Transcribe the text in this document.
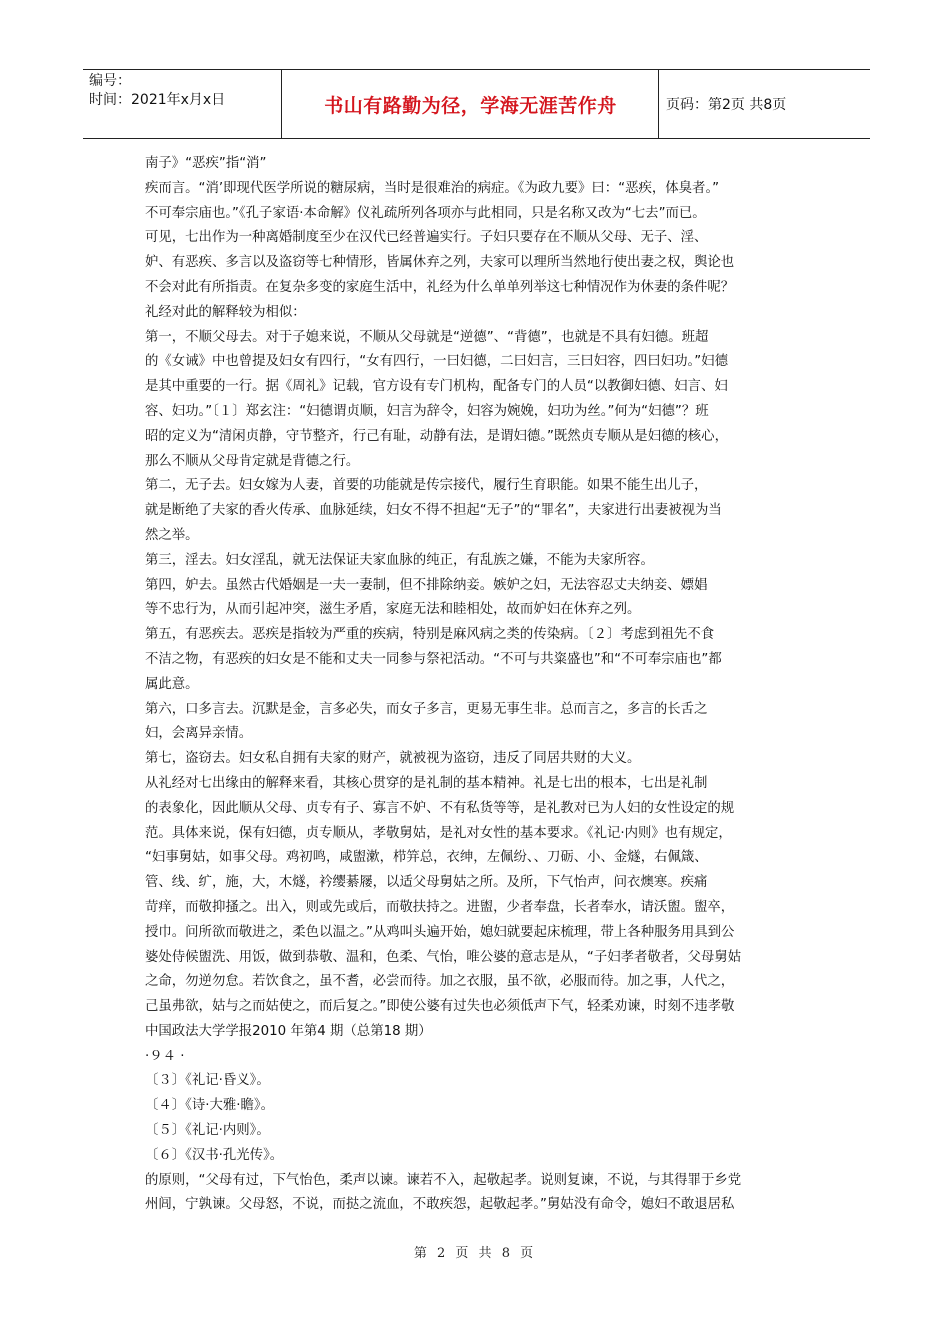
编号：
时间：2021年x月x日	书山有路勤为径，学海无涯苦作舟	页码：第2页 共8页
南子》“恶疾”指“消”
疾而言。“消’即现代医学所说的糖尿病，当时是很难治的病症。《为政九要》曰：“恶疾，体臭者。”
不可奉宗庙也。”《孔子家语·本命解》仪礼疏所列各项亦与此相同，只是名称又改为“七去”而已。
可见，七出作为一种离婚制度至少在汉代已经普遍实行。子妇只要存在不顺从父母、无子、淫、
妒、有恶疾、多言以及盗窃等七种情形，皆属休弃之列，夫家可以理所当然地行使出妻之权，舆论也
不会对此有所指责。在复杂多变的家庭生活中，礼经为什么单单列举这七种情况作为休妻的条件呢？
礼经对此的解释较为相似：
第一，不顺父母去。对于子媳来说，不顺从父母就是“逆德”、“背德”，也就是不具有妇德。班超
的《女诫》中也曾提及妇女有四行，“女有四行，一曰妇德，二曰妇言，三曰妇容，四曰妇功。”妇德
是其中重要的一行。据《周礼》记载，官方设有专门机构，配备专门的人员“以教御妇德、妇言、妇
容、妇功。”〔１〕郑玄注：“妇德谓贞顺，妇言为辞令，妇容为婉娩，妇功为丝。”何为“妇德”？班
昭的定义为“清闲贞静，守节整齐，行己有耻，动静有法，是谓妇德。”既然贞专顺从是妇德的核心，
那么不顺从父母肯定就是背德之行。
第二，无子去。妇女嫁为人妻，首要的功能就是传宗接代，履行生育职能。如果不能生出儿子，
就是断绝了夫家的香火传承、血脉延续，妇女不得不担起“无子”的“罪名”，夫家进行出妻被视为当
然之举。
第三，淫去。妇女淫乱，就无法保证夫家血脉的纯正，有乱族之嫌，不能为夫家所容。
第四，妒去。虽然古代婚姻是一夫一妻制，但不排除纳妾。嫉妒之妇，无法容忍丈夫纳妾、嫖娼
等不忠行为，从而引起冲突，滋生矛盾，家庭无法和睦相处，故而妒妇在休弃之列。
第五，有恶疾去。恶疾是指较为严重的疾病，特别是麻风病之类的传染病。〔２〕考虑到祖先不食
不洁之物，有恶疾的妇女是不能和丈夫一同参与祭祀活动。“不可与共粢盛也”和“不可奉宗庙也”都
属此意。
第六，口多言去。沉默是金，言多必失，而女子多言，更易无事生非。总而言之，多言的长舌之
妇，会离异亲情。
第七，盗窃去。妇女私自拥有夫家的财产，就被视为盗窃，违反了同居共财的大义。
从礼经对七出缘由的解释来看，其核心贯穿的是礼制的基本精神。礼是七出的根本，七出是礼制
的表象化，因此顺从父母、贞专有子、寡言不妒、不有私货等等，是礼教对已为人妇的女性设定的规
范。具体来说，保有妇德，贞专顺从，孝敬舅姑，是礼对女性的基本要求。《礼记·内则》也有规定，
“妇事舅姑，如事父母。鸡初鸣，咸盥漱，栉笄总，衣绅，左佩纷、、刀砺、小、金燧，右佩箴、
管、线、纩，施，大，木燧，衿缨綦屦，以适父母舅姑之所。及所，下气怡声，问衣燠寒。疾痛
苛痒，而敬抑搔之。出入，则或先或后，而敬扶持之。进盥，少者奉盘，长者奉水，请沃盥。盥卒，
授巾。问所欲而敬进之，柔色以温之。”从鸡叫头遍开始，媳妇就要起床梳理，带上各种服务用具到公
婆处侍候盥洗、用饭，做到恭敬、温和，色柔、气怡，唯公婆的意志是从，“子妇孝者敬者，父母舅姑
之命，勿逆勿怠。若饮食之，虽不耆，必尝而待。加之衣服，虽不欲，必服而待。加之事，人代之，
己虽弗欲，姑与之而姑使之，而后复之。”即使公婆有过失也必须低声下气，轻柔劝谏，时刻不违孝敬
中国政法大学学报2010 年第4 期（总第18 期）
·９４ ·
〔３〕《礼记·昏义》。
〔４〕《诗·大雅·瞻》。
〔５〕《礼记·内则》。
〔６〕《汉书·孔光传》。
的原则，“父母有过，下气怡色，柔声以谏。谏若不入，起敬起孝。说则复谏，不说，与其得罪于乡党
州闾，宁孰谏。父母怒，不说，而挞之流血，不敢疾怨，起敬起孝。”舅姑没有命令，媳妇不敢退居私
第 2 页 共 8 页
